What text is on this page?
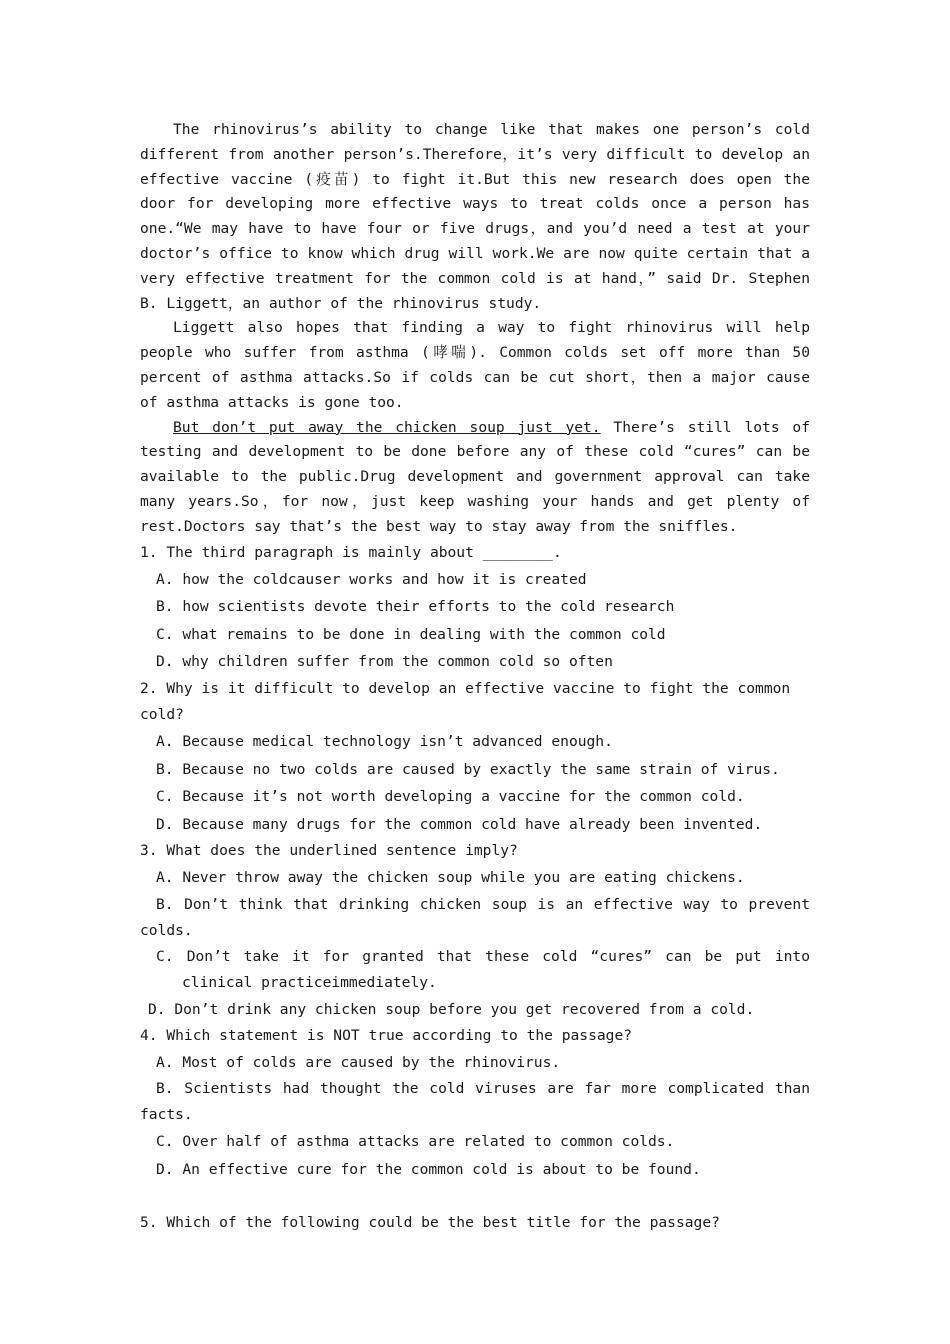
The rhinovirus’s ability to change like that makes one person’s cold different from another person’s.Therefore，it’s very difficult to develop an effective vaccine (疫苗) to fight it.But this new research does open the door for developing more effective ways to treat colds once a person has one.“We may have to have four or five drugs，and you’d need a test at your doctor’s office to know which drug will work.We are now quite certain that a very effective treatment for the common cold is at hand，” said Dr. Stephen B. Liggett，an author of the rhinovirus study.

Liggett also hopes that finding a way to fight rhinovirus will help people who suffer from asthma (哮喘). Common colds set off more than 50 percent of asthma attacks.So if colds can be cut short，then a major cause of asthma attacks is gone too.

But don’t put away the chicken soup just yet. There’s still lots of testing and development to be done before any of these cold “cures” can be available to the public.Drug development and government approval can take many years.So，for now，just keep washing your hands and get plenty of rest.Doctors say that’s the best way to stay away from the sniffles.

1. The third paragraph is mainly about ________.

A. how the coldcauser works and how it is created

B. how scientists devote their efforts to the cold research

C. what remains to be done in dealing with the common cold

D. why children suffer from the common cold so often

2. Why is it difficult to develop an effective vaccine to fight the common cold?

A. Because medical technology isn’t advanced enough.

B. Because no two colds are caused by exactly the same strain of virus.

C. Because it’s not worth developing a vaccine for the common cold.

D. Because many drugs for the common cold have already been invented.

3. What does the underlined sentence imply?

A. Never throw away the chicken soup while you are eating chickens.

B. Don’t think that drinking chicken soup is an effective way to prevent colds.

C. Don’t take it for granted that these cold “cures” can be put into clinical practiceimmediately.

D. Don’t drink any chicken soup before you get recovered from a cold.

4. Which statement is NOT true according to the passage?

A. Most of colds are caused by the rhinovirus.

B. Scientists had thought the cold viruses are far more complicated than facts.

C. Over half of asthma attacks are related to common colds.

D. An effective cure for the common cold is about to be found.

5. Which of the following could be the best title for the passage?
